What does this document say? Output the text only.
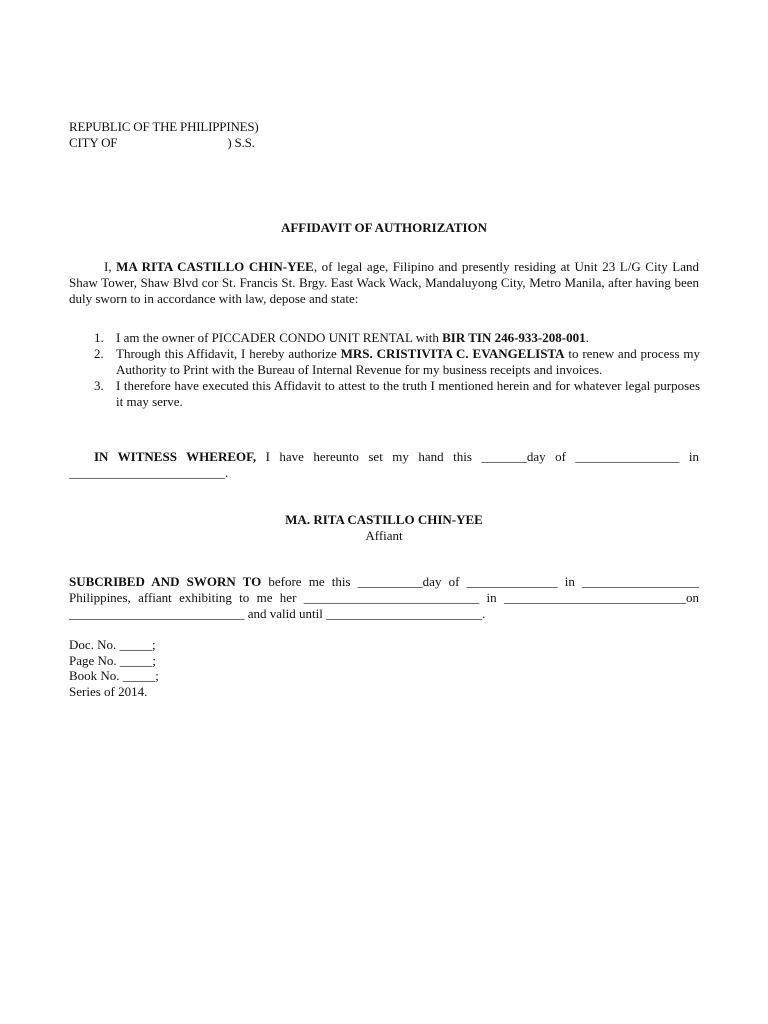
REPUBLIC OF THE PHILIPPINES)
CITY OF	) S.S.
AFFIDAVIT OF AUTHORIZATION
I, MA RITA CASTILLO CHIN-YEE, of legal age, Filipino and presently residing at Unit 23 L/G City Land Shaw Tower, Shaw Blvd cor St. Francis St. Brgy. East Wack Wack, Mandaluyong City, Metro Manila, after having been duly sworn to in accordance with law, depose and state:
1. I am the owner of PICCADER CONDO UNIT RENTAL with BIR TIN 246-933-208-001.
2. Through this Affidavit, I hereby authorize MRS. CRISTIVITA C. EVANGELISTA to renew and process my Authority to Print with the Bureau of Internal Revenue for my business receipts and invoices.
3. I therefore have executed this Affidavit to attest to the truth I mentioned herein and for whatever legal purposes it may serve.
IN WITNESS WHEREOF, I have hereunto set my hand this _______day of ________________ in ________________________.
MA. RITA CASTILLO CHIN-YEE
Affiant
SUBCRIBED AND SWORN TO before me this __________day of ______________ in __________________ Philippines, affiant exhibiting to me her ___________________________ in ____________________________on ___________________________ and valid until ________________________.
Doc. No. _____;
Page No. _____;
Book No. _____;
Series of 2014.
